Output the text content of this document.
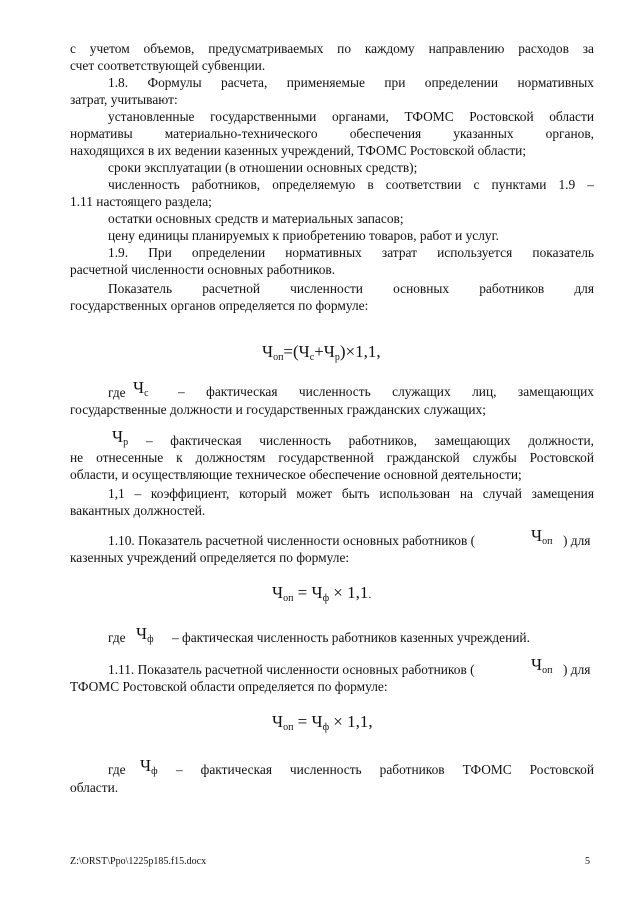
с учетом объемов, предусматриваемых по каждому направлению расходов за
счет соответствующей субвенции.
1.8. Формулы расчета, применяемые при определении нормативных
затрат, учитывают:
установленные государственными органами, ТФОМС Ростовской области
нормативы материально-технического обеспечения указанных органов,
находящихся в их ведении казенных учреждений, ТФОМС Ростовской области;
сроки эксплуатации (в отношении основных средств);
численность работников, определяемую в соответствии с пунктами 1.9 –
1.11 настоящего раздела;
остатки основных средств и материальных запасов;
цену единицы планируемых к приобретению товаров, работ и услуг.
1.9. При определении нормативных затрат используется показатель
расчетной численности основных работников.
Показатель расчетной численности основных работников для
государственных органов определяется по формуле:
$Ч_{оп}=(Ч_с+Ч_р)\times 1,1$,
где $Ч_с$ – фактическая численность служащих лиц, замещающих
государственные должности и государственных гражданских служащих;
$Ч_р$ – фактическая численность работников, замещающих должности,
не отнесенные к должностям государственной гражданской службы Ростовской
области, и осуществляющие техническое обеспечение основной деятельности;
1,1 – коэффициент, который может быть использован на случай замещения
вакантных должностей.
1.10. Показатель расчетной численности основных работников (	$Ч_{оп}$ ) для
казенных учреждений определяется по формуле:
$Ч_{оп} = Ч_ф \times 1,1$.
где $Ч_ф$ – фактическая численность работников казенных учреждений.
1.11. Показатель расчетной численности основных работников (	$Ч_{оп}$ ) для
ТФОМС Ростовской области определяется по формуле:
$Ч_{оп} = Ч_ф \times 1,1$,
где $Ч_ф$ – фактическая численность работников ТФОМС Ростовской
области.
Z:\ORST\Ppo\1225p185.f15.docx	5
